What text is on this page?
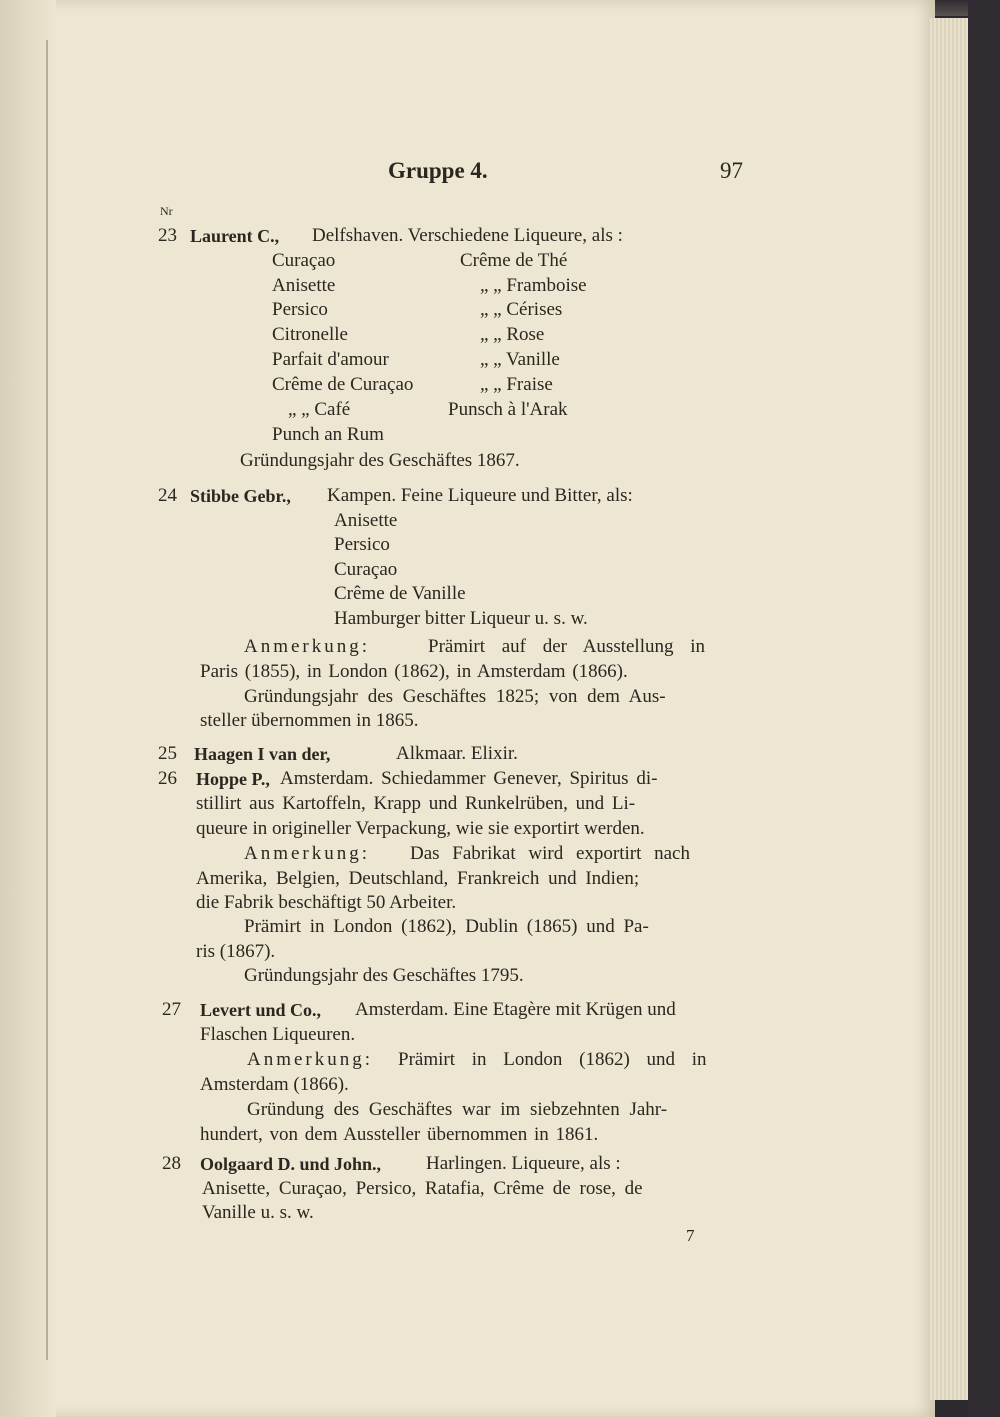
Gruppe 4.	97
Nr
23 Laurent C., Delfshaven. Verschiedene Liqueure, als :
Curaçao	Crême de Thé
Anisette	„ „ Framboise
Persico	„ „ Cérises
Citronelle	„ „ Rose
Parfait d'amour	„ „ Vanille
Crême de Curaçao	„ „ Fraise
„ „ Café	Punsch à l'Arak
Punch an Rum
Gründungsjahr des Geschäftes 1867.
24 Stibbe Gebr., Kampen. Feine Liqueure und Bitter, als:
Anisette
Persico
Curaçao
Crême de Vanille
Hamburger bitter Liqueur u. s. w.
Anmerkung:	Prämirt auf der Ausstellung in
Paris (1855), in London (1862), in Amsterdam (1866).
Gründungsjahr des Geschäftes 1825; von dem Aus-
steller übernommen in 1865.
25 Haagen I van der,	Alkmaar. Elixir.
26 Hoppe P., Amsterdam. Schiedammer Genever, Spiritus di-
stillirt aus Kartoffeln, Krapp und Runkelrüben, und Li-
queure in origineller Verpackung, wie sie exportirt werden.
Anmerkung: Das Fabrikat wird exportirt nach
Amerika, Belgien, Deutschland, Frankreich und Indien;
die Fabrik beschäftigt 50 Arbeiter.
Prämirt in London (1862), Dublin (1865) und Pa-
ris (1867).
Gründungsjahr des Geschäftes 1795.
27 Levert und Co., Amsterdam. Eine Etagère mit Krügen und
Flaschen Liqueuren.
Anmerkung: Prämirt in London (1862) und in
Amsterdam (1866).
Gründung des Geschäftes war im siebzehnten Jahr-
hundert, von dem Aussteller übernommen in 1861.
28 Oolgaard D. und John., Harlingen. Liqueure, als :
Anisette, Curaçao, Persico, Ratafia, Crême de rose, de
Vanille u. s. w.
7
